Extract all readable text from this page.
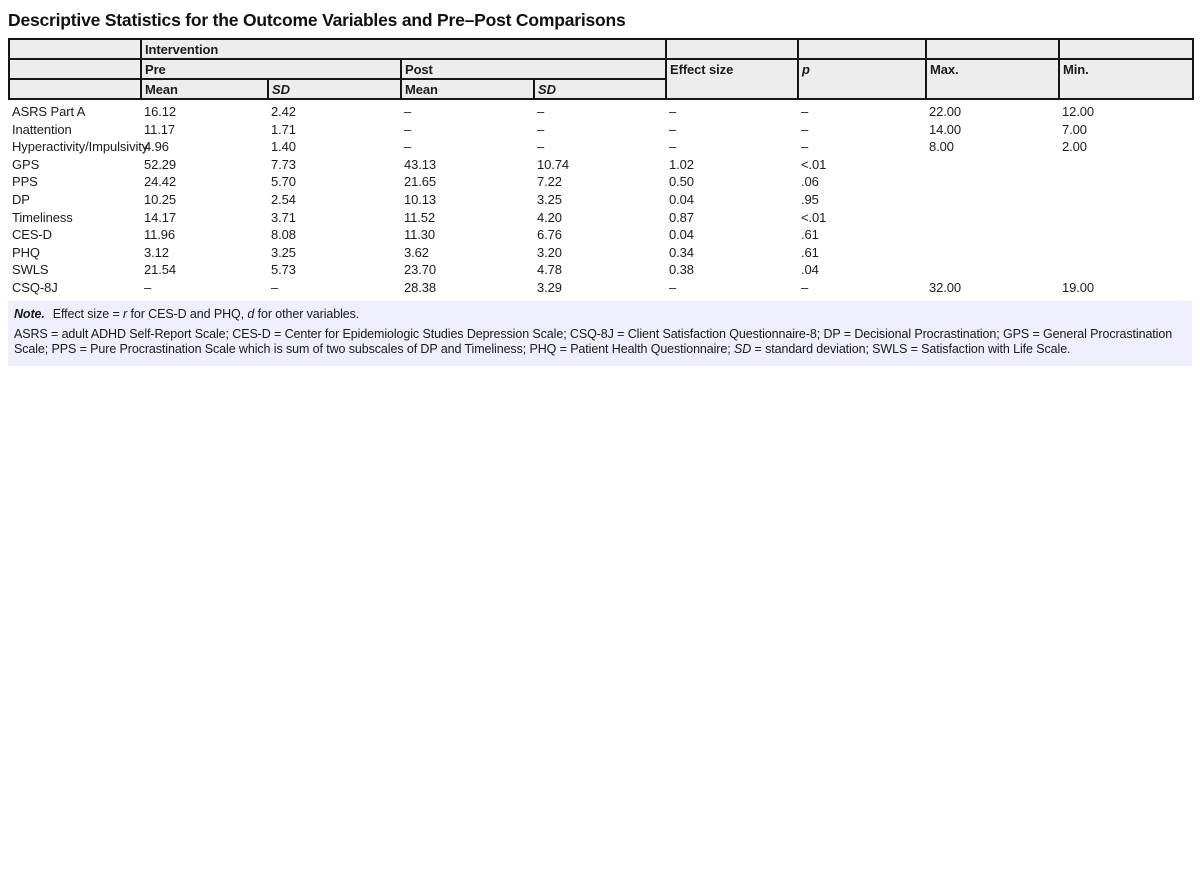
Descriptive Statistics for the Outcome Variables and Pre–Post Comparisons
	Intervention							
	Pre		Post		Effect size	p	Max.	Min.
	Mean	SD	Mean	SD				
ASRS Part A	16.12	2.42	–	–	–	–	22.00	12.00
Inattention	11.17	1.71	–	–	–	–	14.00	7.00
Hyperactivity/Impulsivity	4.96	1.40	–	–	–	–	8.00	2.00
GPS	52.29	7.73	43.13	10.74	1.02	<.01		
PPS	24.42	5.70	21.65	7.22	0.50	.06		
DP	10.25	2.54	10.13	3.25	0.04	.95		
Timeliness	14.17	3.71	11.52	4.20	0.87	<.01		
CES-D	11.96	8.08	11.30	6.76	0.04	.61		
PHQ	3.12	3.25	3.62	3.20	0.34	.61		
SWLS	21.54	5.73	23.70	4.78	0.38	.04		
CSQ-8J	–	–	28.38	3.29	–	–	32.00	19.00

Note. Effect size = r for CES-D and PHQ, d for other variables.

ASRS = adult ADHD Self-Report Scale; CES-D = Center for Epidemiologic Studies Depression Scale; CSQ-8J = Client Satisfaction Questionnaire-8; DP = Decisional Procrastination; GPS = General Procrastination Scale; PPS = Pure Procrastination Scale which is sum of two subscales of DP and Timeliness; PHQ = Patient Health Questionnaire; SD = standard deviation; SWLS = Satisfaction with Life Scale.
